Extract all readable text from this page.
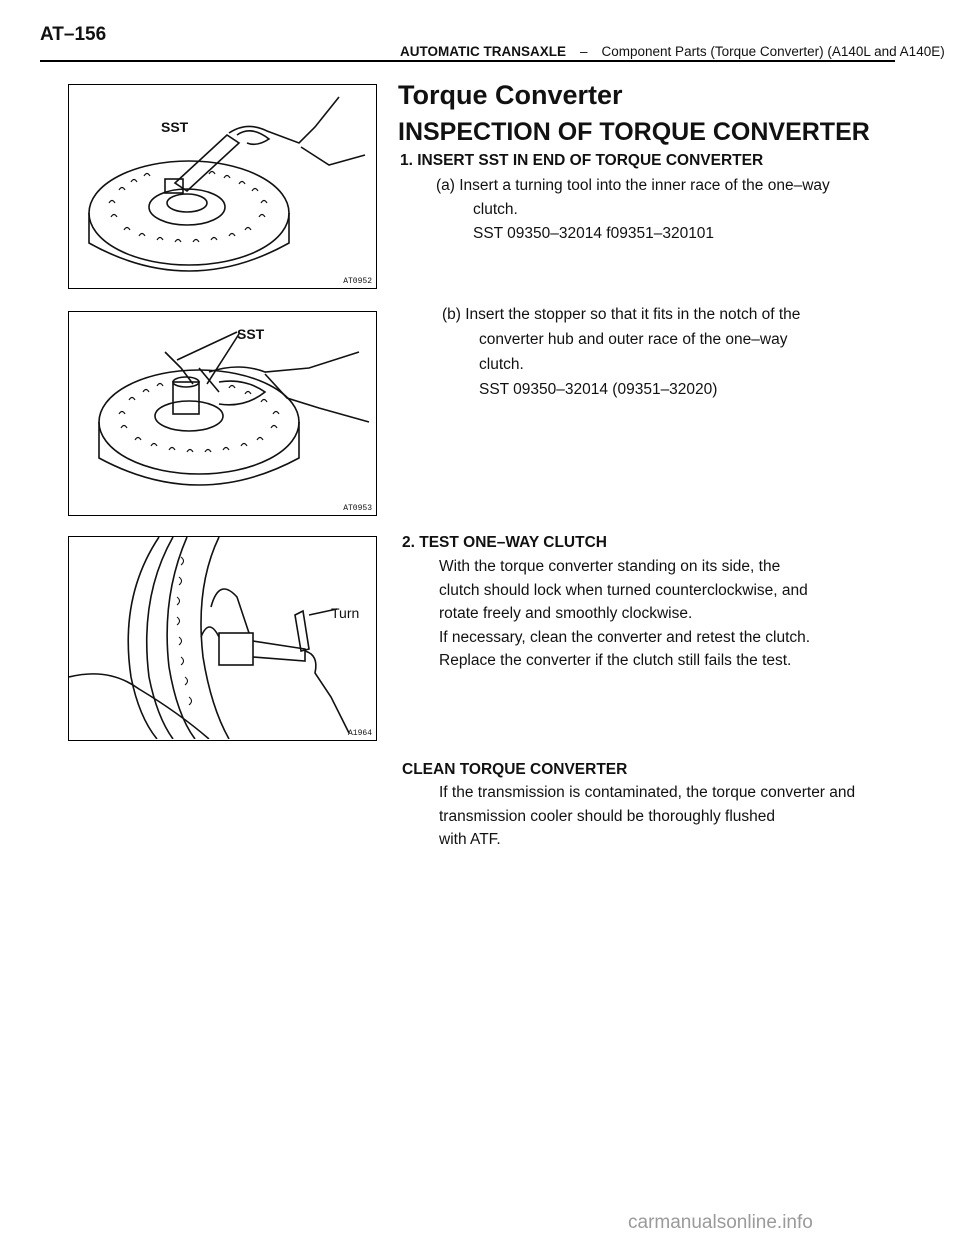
AT–156
AUTOMATIC TRANSAXLE – Component Parts (Torque Converter) (A140L and A140E)
SST
AT0952
SST
AT0953
Turn
A1964
Torque Converter
INSPECTION OF TORQUE CONVERTER
1. INSERT SST IN END OF TORQUE CONVERTER
(a) Insert a turning tool into the inner race of the one–way
clutch.
SST 09350–32014 f09351–320101
(b) Insert the stopper so that it fits in the notch of the
converter hub and outer race of the one–way
clutch.
SST 09350–32014 (09351–32020)
2. TEST ONE–WAY CLUTCH
With the torque converter standing on its side, the
clutch should lock when turned counterclockwise, and
rotate freely and smoothly clockwise.
If necessary, clean the converter and retest the clutch.
Replace the converter if the clutch still fails the test.
CLEAN TORQUE CONVERTER
If the transmission is contaminated, the torque converter and
transmission cooler should be thoroughly flushed
with ATF.
carmanualsonline.info
